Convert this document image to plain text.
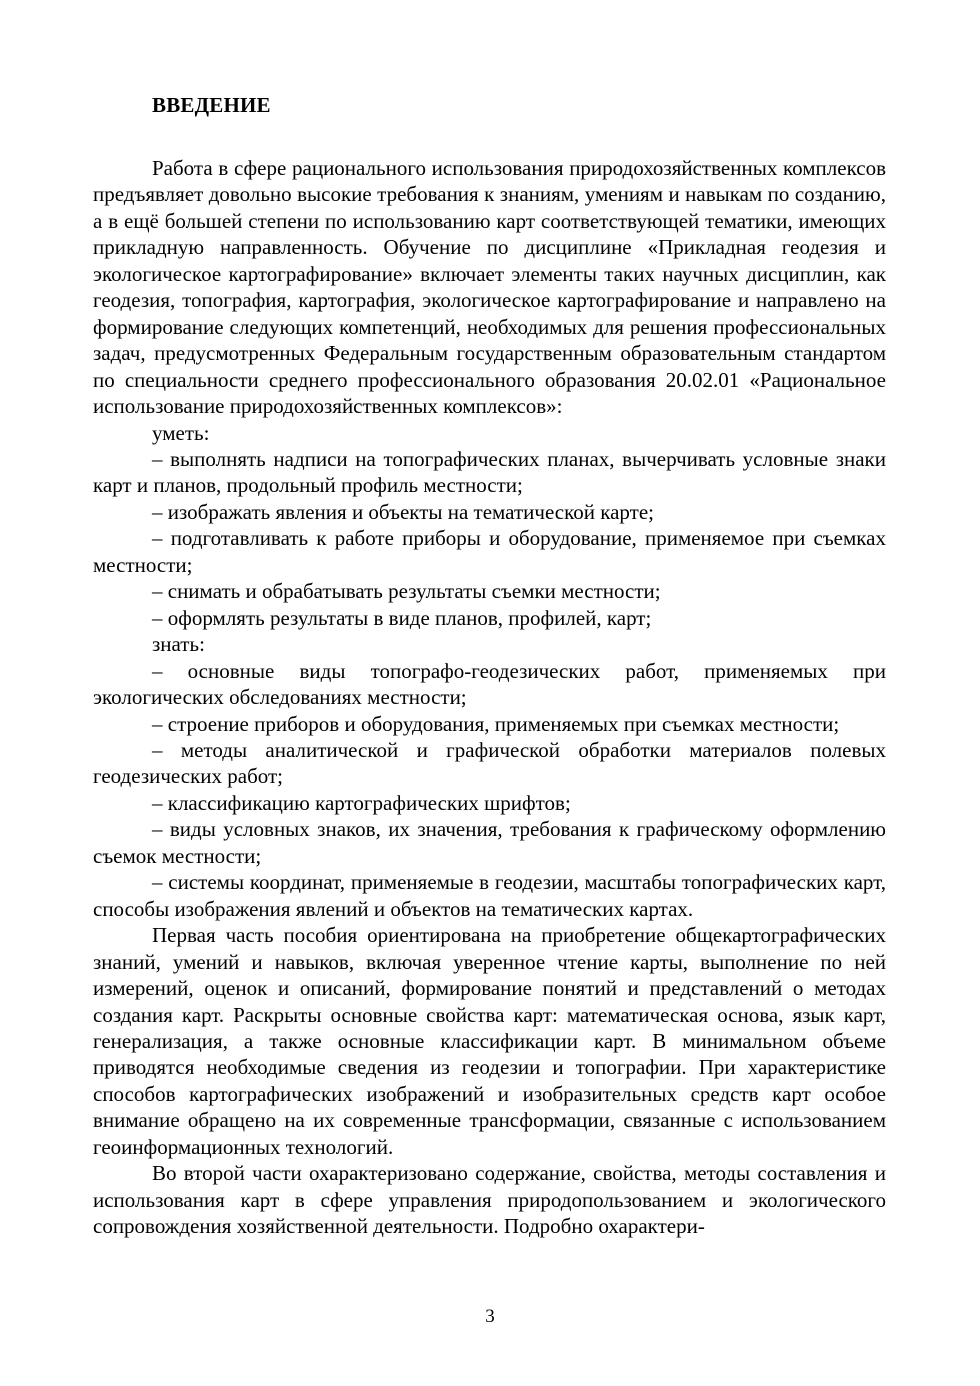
ВВЕДЕНИЕ

Работа в сфере рационального использования природохозяйственных комплексов предъявляет довольно высокие требования к знаниям, умениям и навыкам по созданию, а в ещё большей степени по использованию карт соответствующей тематики, имеющих прикладную направленность. Обучение по дисциплине «Прикладная геодезия и экологическое картографирование» включает элементы таких научных дисциплин, как геодезия, топография, картография, экологическое картографирование и направлено на формирование следующих компетенций, необходимых для решения профессиональных задач, предусмотренных Федеральным государственным образовательным стандартом по специальности среднего профессионального образования 20.02.01 «Рациональное использование природохозяйственных комплексов»:

уметь:

– выполнять надписи на топографических планах, вычерчивать условные знаки карт и планов, продольный профиль местности;

– изображать явления и объекты на тематической карте;

– подготавливать к работе приборы и оборудование, применяемое при съемках местности;

– снимать и обрабатывать результаты съемки местности;

– оформлять результаты в виде планов, профилей, карт;

знать:

– основные виды топографо-геодезических работ, применяемых при экологических обследованиях местности;

– строение приборов и оборудования, применяемых при съемках местности;

– методы аналитической и графической обработки материалов полевых геодезических работ;

– классификацию картографических шрифтов;

– виды условных знаков, их значения, требования к графическому оформлению съемок местности;

– системы координат, применяемые в геодезии, масштабы топографических карт, способы изображения явлений и объектов на тематических картах.

Первая часть пособия ориентирована на приобретение общекартографических знаний, умений и навыков, включая уверенное чтение карты, выполнение по ней измерений, оценок и описаний, формирование понятий и представлений о методах создания карт. Раскрыты основные свойства карт: математическая основа, язык карт, генерализация, а также основные классификации карт. В минимальном объеме приводятся необходимые сведения из геодезии и топографии. При характеристике способов картографических изображений и изобразительных средств карт особое внимание обращено на их современные трансформации, связанные с использованием геоинформационных технологий.

Во второй части охарактеризовано содержание, свойства, методы составления и использования карт в сфере управления природопользованием и экологического сопровождения хозяйственной деятельности. Подробно охарактери-

3
